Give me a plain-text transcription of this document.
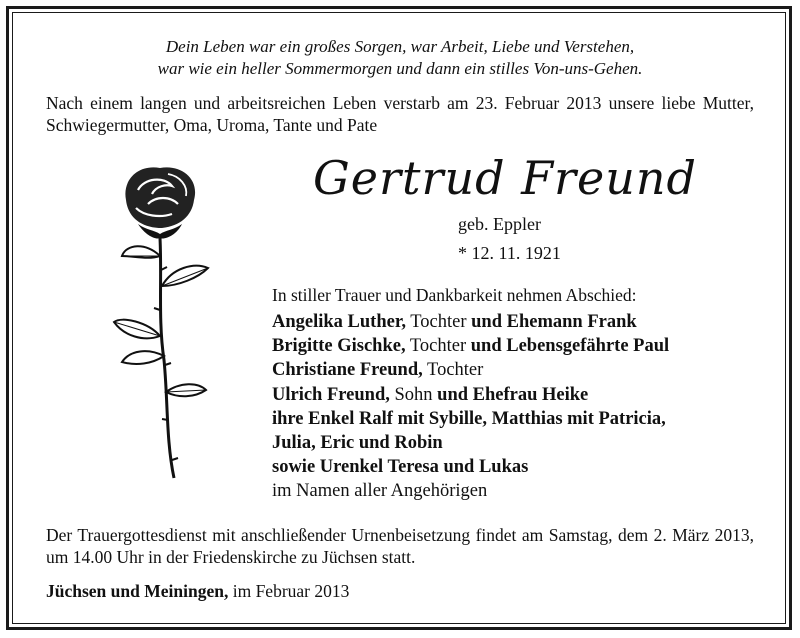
Dein Leben war ein großes Sorgen, war Arbeit, Liebe und Verstehen,
war wie ein heller Sommermorgen und dann ein stilles Von-uns-Gehen.
Nach einem langen und arbeitsreichen Leben verstarb am 23. Februar 2013 unsere liebe Mutter, Schwiegermutter, Oma, Uroma, Tante und Pate
Gertrud Freund
geb. Eppler
* 12. 11. 1921
In stiller Trauer und Dankbarkeit nehmen Abschied:
Angelika Luther, Tochter und Ehemann Frank
Brigitte Gischke, Tochter und Lebensgefährte Paul
Christiane Freund, Tochter
Ulrich Freund, Sohn und Ehefrau Heike
ihre Enkel Ralf mit Sybille, Matthias mit Patricia,
Julia, Eric und Robin
sowie Urenkel Teresa und Lukas
im Namen aller Angehörigen
Der Trauergottesdienst mit anschließender Urnenbeisetzung findet am Samstag, dem 2. März 2013, um 14.00 Uhr in der Friedenskirche zu Jüchsen statt.
Jüchsen und Meiningen, im Februar 2013
